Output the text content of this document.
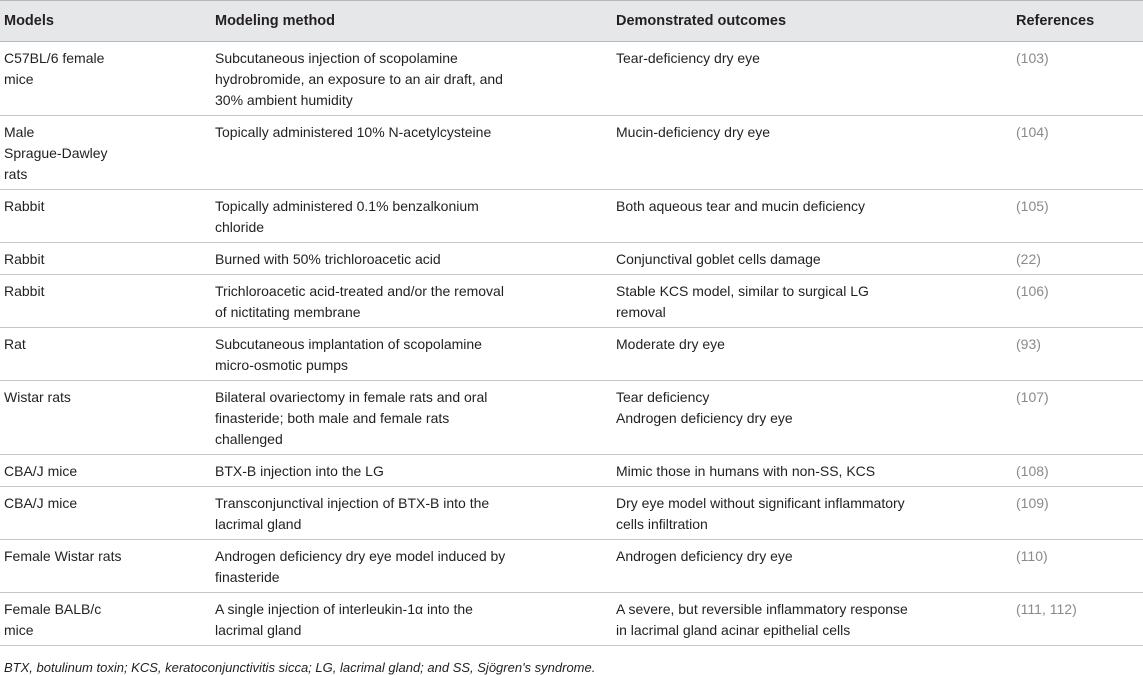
Models	Modeling method	Demonstrated outcomes	References

C57BL/6 female
mice	Subcutaneous injection of scopolamine
hydrobromide, an exposure to an air draft, and
30% ambient humidity	Tear-deficiency dry eye	(103)

Male
Sprague-Dawley
rats	Topically administered 10% N-acetylcysteine	Mucin-deficiency dry eye	(104)

Rabbit	Topically administered 0.1% benzalkonium
chloride	Both aqueous tear and mucin deficiency	(105)

Rabbit	Burned with 50% trichloroacetic acid	Conjunctival goblet cells damage	(22)

Rabbit	Trichloroacetic acid-treated and/or the removal
of nictitating membrane	Stable KCS model, similar to surgical LG
removal	(106)

Rat	Subcutaneous implantation of scopolamine
micro-osmotic pumps	Moderate dry eye	(93)

Wistar rats	Bilateral ovariectomy in female rats and oral
finasteride; both male and female rats
challenged	Tear deficiency
Androgen deficiency dry eye	(107)

CBA/J mice	BTX-B injection into the LG	Mimic those in humans with non-SS, KCS	(108)

CBA/J mice	Transconjunctival injection of BTX-B into the
lacrimal gland	Dry eye model without significant inflammatory
cells infiltration	(109)

Female Wistar rats	Androgen deficiency dry eye model induced by
finasteride	Androgen deficiency dry eye	(110)

Female BALB/c
mice	A single injection of interleukin-1α into the
lacrimal gland	A severe, but reversible inflammatory response
in lacrimal gland acinar epithelial cells	(111, 112)
BTX, botulinum toxin; KCS, keratoconjunctivitis sicca; LG, lacrimal gland; and SS, Sjögren's syndrome.
